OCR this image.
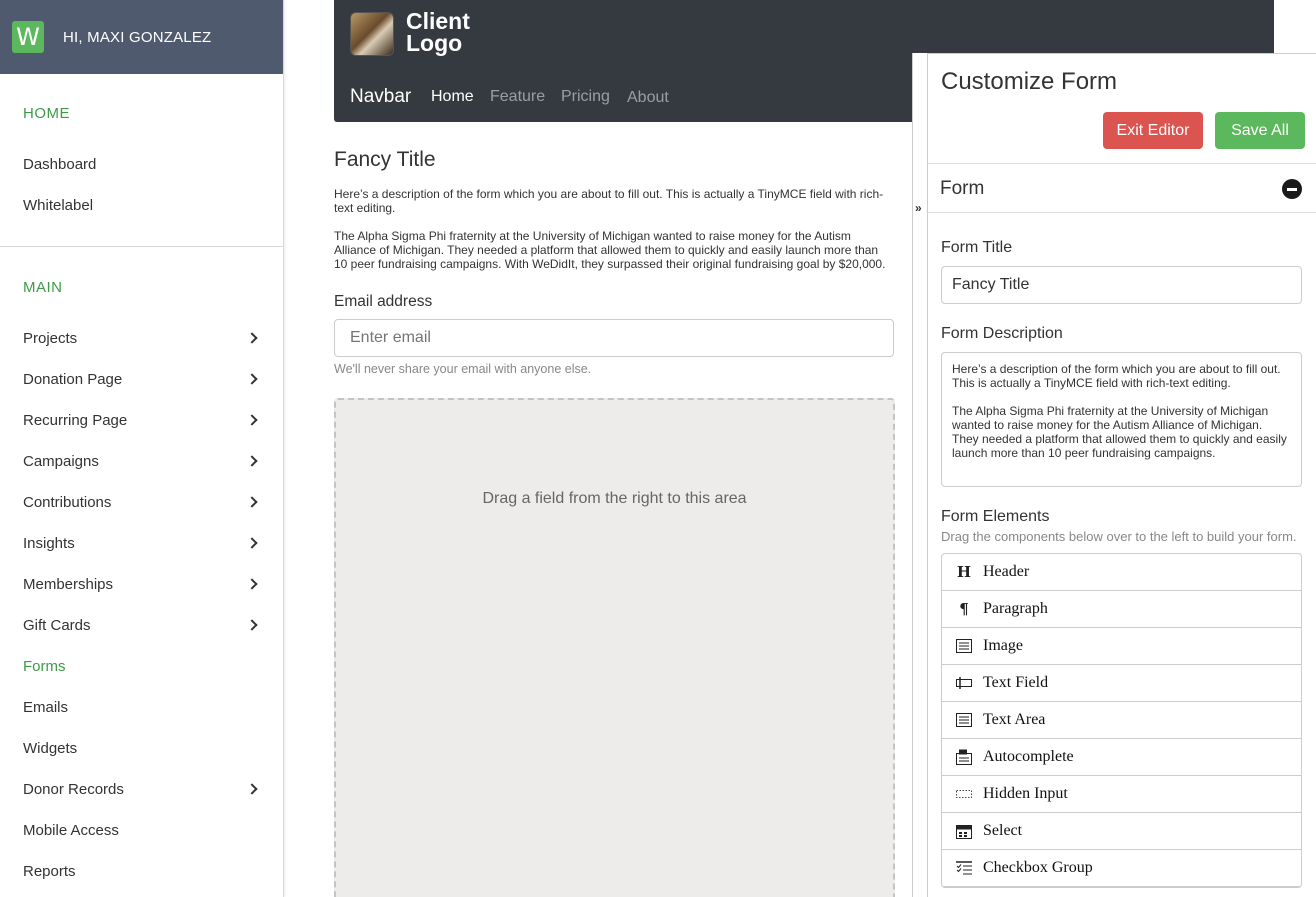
W HI, MAXI GONZALEZ
HOME
Dashboard
Whitelabel
MAIN
Projects
Donation Page
Recurring Page
Campaigns
Contributions
Insights
Memberships
Gift Cards
Forms
Emails
Widgets
Donor Records
Mobile Access
Reports
Client Logo
Navbar Home Feature Pricing About
Fancy Title

Here’s a description of the form which you are about to fill out. This is actually a TinyMCE field with rich-text editing.

The Alpha Sigma Phi fraternity at the University of Michigan wanted to raise money for the Autism Alliance of Michigan. They needed a platform that allowed them to quickly and easily launch more than 10 peer fundraising campaigns. With WeDidIt, they surpassed their original fundraising goal by $20,000.

Email address
Enter email
We'll never share your email with anyone else.
Drag a field from the right to this area
»
Customize Form
Exit Editor	Save All
Form
Form Title
Fancy Title
Form Description

Here’s a description of the form which you are about to fill out. This is actually a TinyMCE field with rich-text editing.

The Alpha Sigma Phi fraternity at the University of Michigan wanted to raise money for the Autism Alliance of Michigan. They needed a platform that allowed them to quickly and easily launch more than 10 peer fundraising campaigns.

Form Elements
Drag the components below over to the left to build your form.
H Header
¶ Paragraph
Image
Text Field
Text Area
Autocomplete
Hidden Input
Select
Checkbox Group
